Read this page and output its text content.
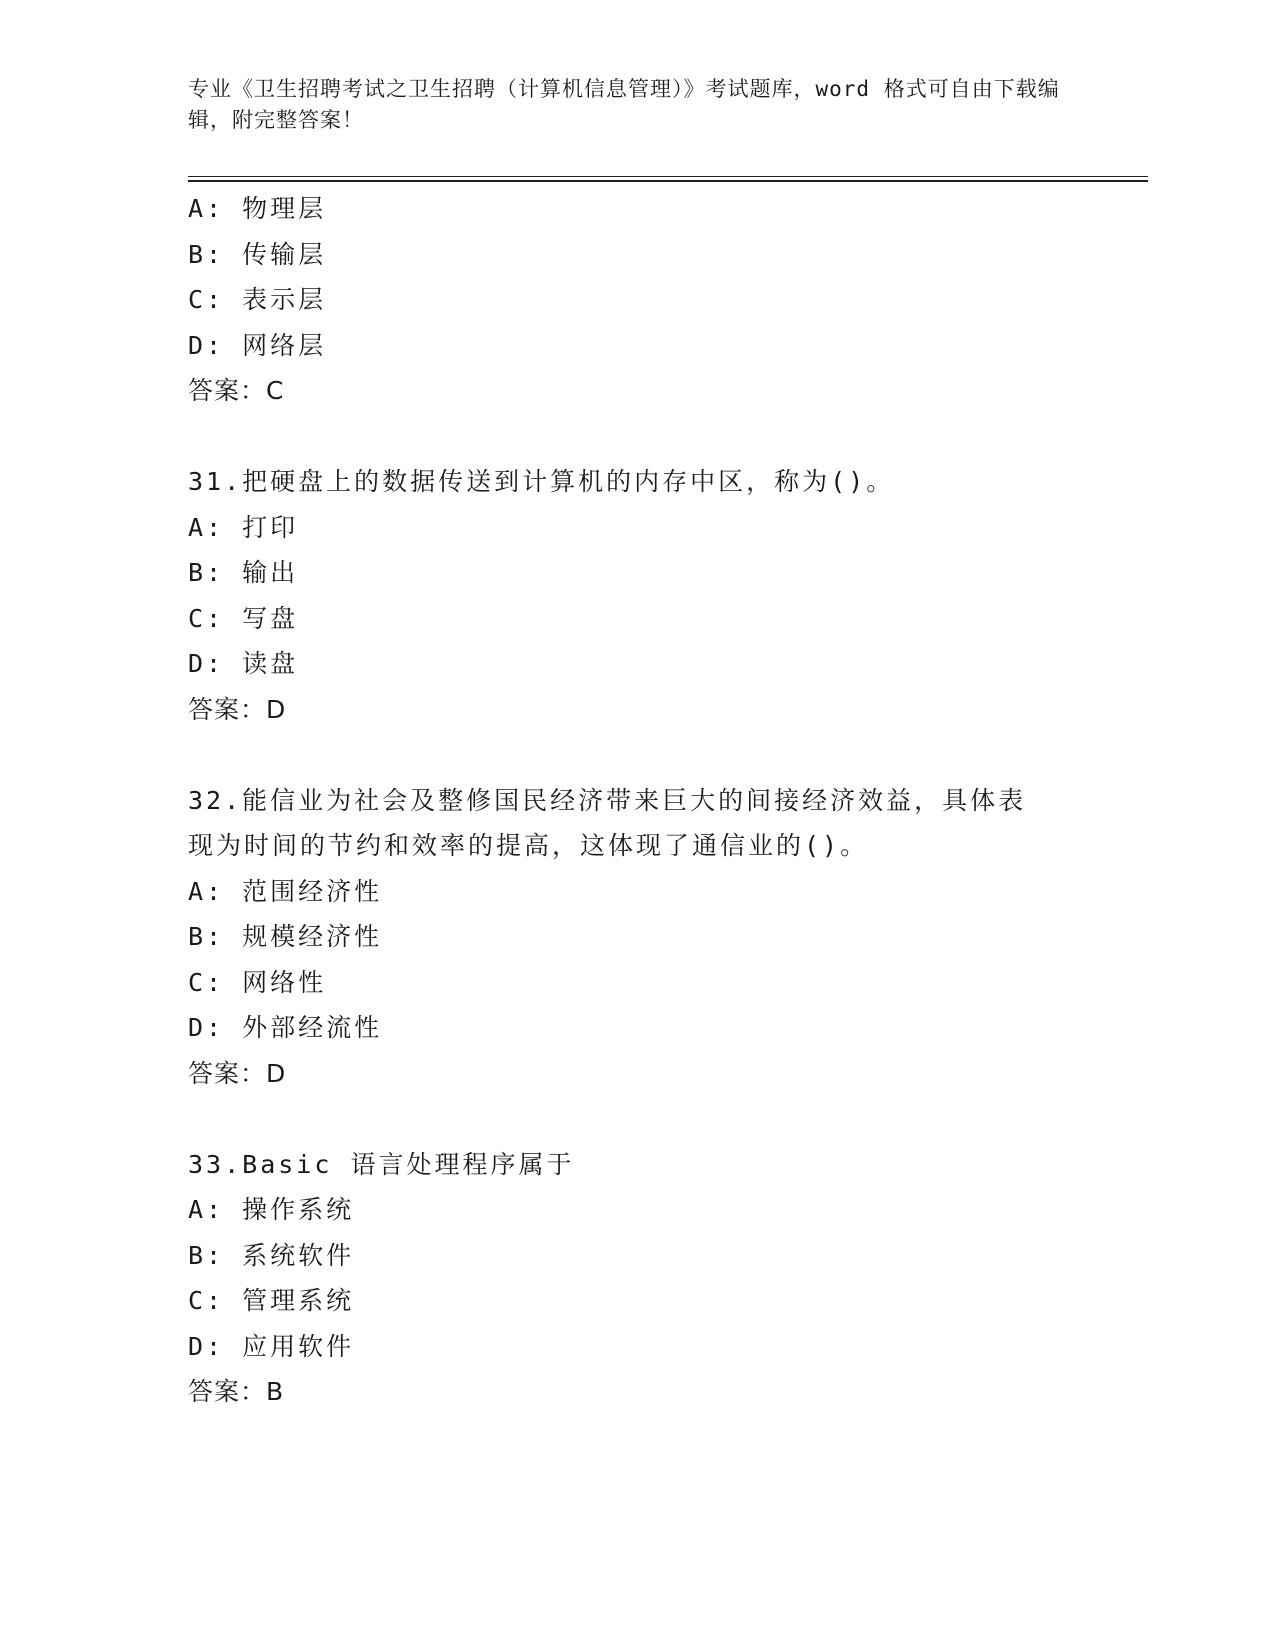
专业《卫生招聘考试之卫生招聘（计算机信息管理）》考试题库，word 格式可自由下载编辑，附完整答案！
A: 物理层
B: 传输层
C: 表示层
D: 网络层
答案：C
31.把硬盘上的数据传送到计算机的内存中区，称为()。
A: 打印
B: 输出
C: 写盘
D: 读盘
答案：D
32.能信业为社会及整修国民经济带来巨大的间接经济效益，具体表现为时间的节约和效率的提高，这体现了通信业的()。
A: 范围经济性
B: 规模经济性
C: 网络性
D: 外部经流性
答案：D
33.Basic 语言处理程序属于
A: 操作系统
B: 系统软件
C: 管理系统
D: 应用软件
答案：B
